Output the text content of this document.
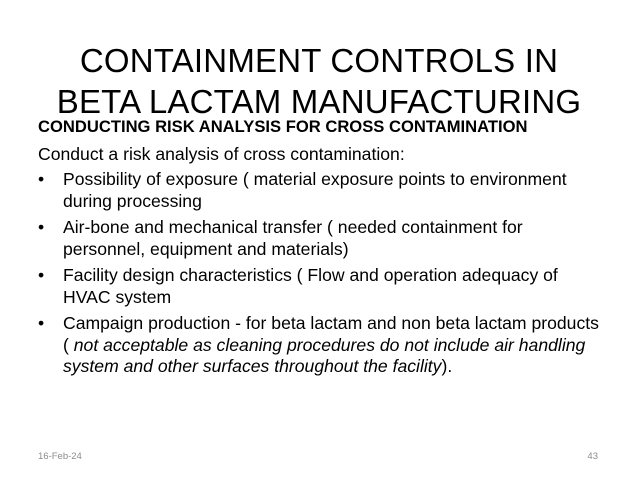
CONTAINMENT CONTROLS IN
BETA LACTAM MANUFACTURING
CONDUCTING RISK ANALYSIS FOR CROSS CONTAMINATION
Conduct a risk analysis of cross contamination:
• Possibility of exposure ( material exposure points to environment during processing
• Air-bone and mechanical transfer ( needed containment for personnel, equipment and materials)
• Facility design characteristics ( Flow and operation adequacy of HVAC system
• Campaign production - for beta lactam and non beta lactam products ( not acceptable as cleaning procedures do not include air handling system and other surfaces throughout the facility).
16-Feb-24	43
